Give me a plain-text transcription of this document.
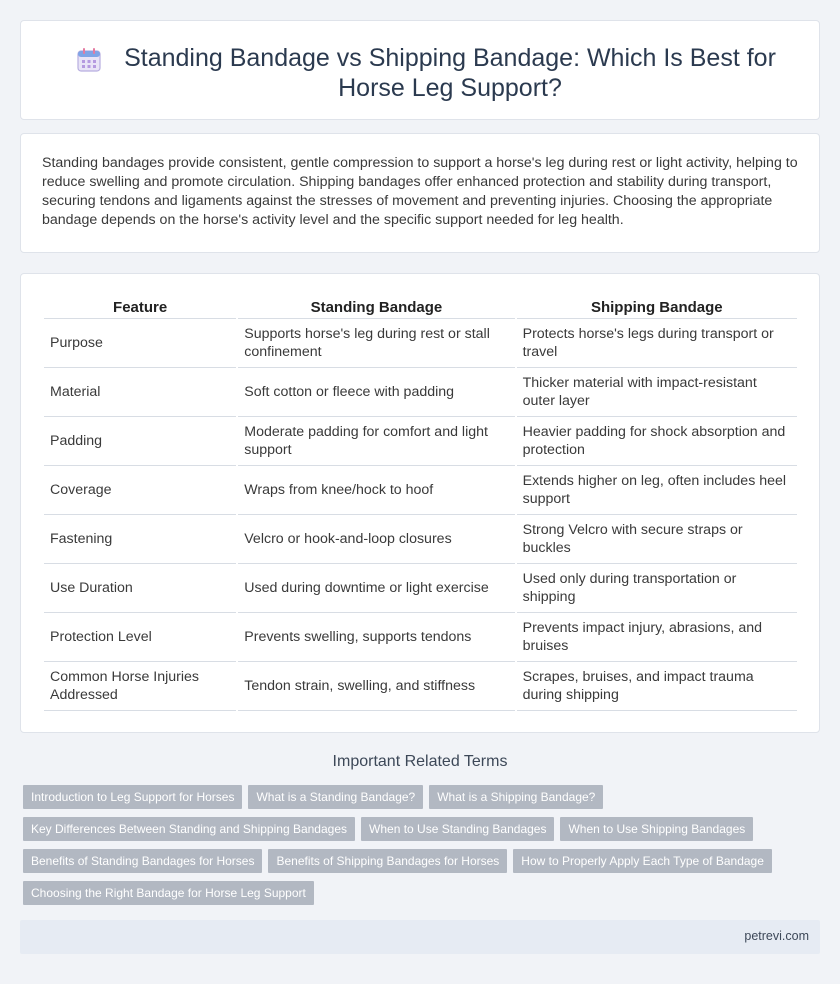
Standing Bandage vs Shipping Bandage: Which Is Best for Horse Leg Support?

Standing bandages provide consistent, gentle compression to support a horse's leg during rest or light activity, helping to reduce swelling and promote circulation. Shipping bandages offer enhanced protection and stability during transport, securing tendons and ligaments against the stresses of movement and preventing injuries. Choosing the appropriate bandage depends on the horse's activity level and the specific support needed for leg health.

Feature	Standing Bandage	Shipping Bandage
Purpose	Supports horse's leg during rest or stall confinement	Protects horse's legs during transport or travel
Material	Soft cotton or fleece with padding	Thicker material with impact-resistant outer layer
Padding	Moderate padding for comfort and light support	Heavier padding for shock absorption and protection
Coverage	Wraps from knee/hock to hoof	Extends higher on leg, often includes heel support
Fastening	Velcro or hook-and-loop closures	Strong Velcro with secure straps or buckles
Use Duration	Used during downtime or light exercise	Used only during transportation or shipping
Protection Level	Prevents swelling, supports tendons	Prevents impact injury, abrasions, and bruises
Common Horse Injuries Addressed	Tendon strain, swelling, and stiffness	Scrapes, bruises, and impact trauma during shipping
Important Related Terms
Introduction to Leg Support for Horses	What is a Standing Bandage?	What is a Shipping Bandage?
Key Differences Between Standing and Shipping Bandages	When to Use Standing Bandages	When to Use Shipping Bandages
Benefits of Standing Bandages for Horses	Benefits of Shipping Bandages for Horses	How to Properly Apply Each Type of Bandage
Choosing the Right Bandage for Horse Leg Support
petrevi.com
